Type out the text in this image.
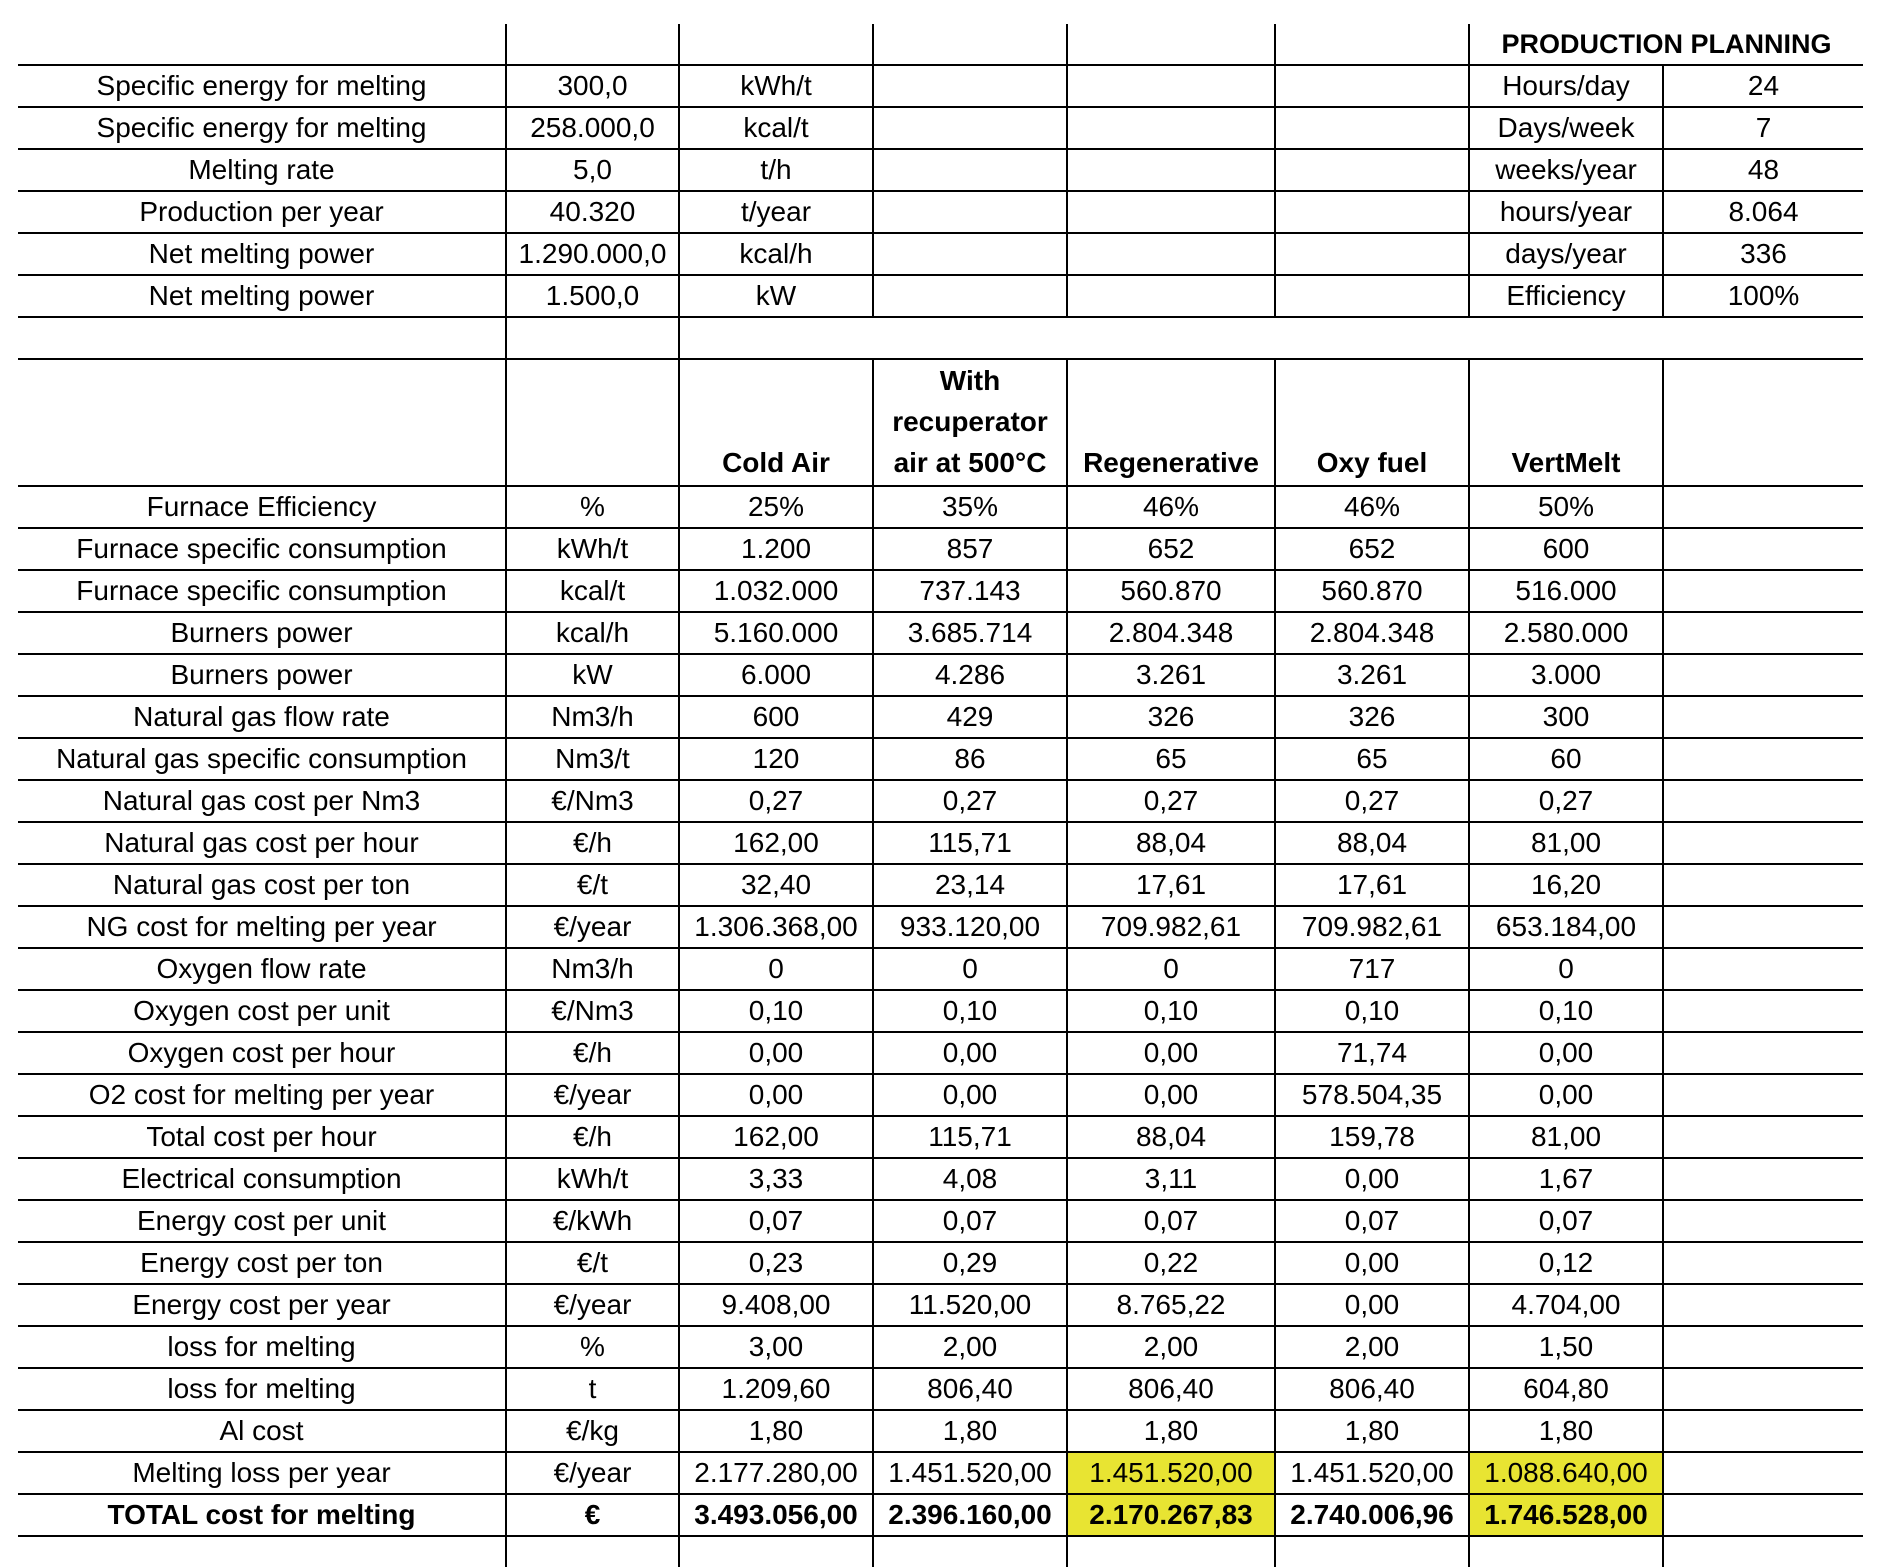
						PRODUCTION PLANNING	
Specific energy for melting	300,0	kWh/t				Hours/day	24
Specific energy for melting	258.000,0	kcal/t				Days/week	7
Melting rate	5,0	t/h				weeks/year	48
Production per year	40.320	t/year				hours/year	8.064
Net melting power	1.290.000,0	kcal/h				days/year	336
Net melting power	1.500,0	kW				Efficiency	100%

		Cold Air	With
recuperator
air at 500°C	Regenerative	Oxy fuel	VertMelt	
Furnace Efficiency	%	25%	35%	46%	46%	50%	
Furnace specific consumption	kWh/t	1.200	857	652	652	600	
Furnace specific consumption	kcal/t	1.032.000	737.143	560.870	560.870	516.000	
Burners power	kcal/h	5.160.000	3.685.714	2.804.348	2.804.348	2.580.000	
Burners power	kW	6.000	4.286	3.261	3.261	3.000	
Natural gas flow rate	Nm3/h	600	429	326	326	300	
Natural gas specific consumption	Nm3/t	120	86	65	65	60	
Natural gas cost per Nm3	€/Nm3	0,27	0,27	0,27	0,27	0,27	
Natural gas cost per hour	€/h	162,00	115,71	88,04	88,04	81,00	
Natural gas cost per ton	€/t	32,40	23,14	17,61	17,61	16,20	
NG cost for melting per year	€/year	1.306.368,00	933.120,00	709.982,61	709.982,61	653.184,00	
Oxygen flow rate	Nm3/h	0	0	0	717	0	
Oxygen cost per unit	€/Nm3	0,10	0,10	0,10	0,10	0,10	
Oxygen cost per hour	€/h	0,00	0,00	0,00	71,74	0,00	
O2 cost for melting per year	€/year	0,00	0,00	0,00	578.504,35	0,00	
Total cost per hour	€/h	162,00	115,71	88,04	159,78	81,00	
Electrical consumption	kWh/t	3,33	4,08	3,11	0,00	1,67	
Energy cost per unit	€/kWh	0,07	0,07	0,07	0,07	0,07	
Energy cost per ton	€/t	0,23	0,29	0,22	0,00	0,12	
Energy cost per year	€/year	9.408,00	11.520,00	8.765,22	0,00	4.704,00	
loss for melting	%	3,00	2,00	2,00	2,00	1,50	
loss for melting	t	1.209,60	806,40	806,40	806,40	604,80	
Al cost	€/kg	1,80	1,80	1,80	1,80	1,80	
Melting loss per year	€/year	2.177.280,00	1.451.520,00	1.451.520,00	1.451.520,00	1.088.640,00	
TOTAL cost for melting	€	3.493.056,00	2.396.160,00	2.170.267,83	2.740.006,96	1.746.528,00	
